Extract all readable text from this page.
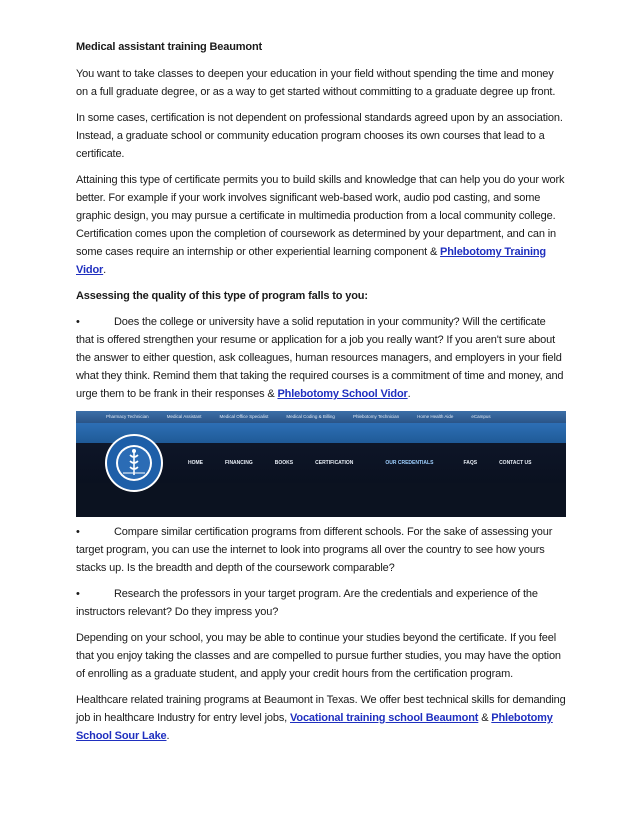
Medical assistant training Beaumont

You want to take classes to deepen your education in your field without spending the time and money on a full graduate degree, or as a way to get started without committing to a graduate degree up front.

In some cases, certification is not dependent on professional standards agreed upon by an association. Instead, a graduate school or community education program chooses its own courses that lead to a certificate.

Attaining this type of certificate permits you to build skills and knowledge that can help you do your work better. For example if your work involves significant web-based work, audio pod casting, and some graphic design, you may pursue a certificate in multimedia production from a local community college. Certification comes upon the completion of coursework as determined by your department, and can in some cases require an internship or other experiential learning component & Phlebotomy Training Vidor.

Assessing the quality of this type of program falls to you:

•	Does the college or university have a solid reputation in your community? Will the certificate that is offered strengthen your resume or application for a job you really want? If you aren't sure about the answer to either question, ask colleagues, human resources managers, and employers in your field what they think. Remind them that taking the required courses is a commitment of time and money, and urge them to be frank in their responses & Phlebotomy School Vidor.

Pharmacy Technician	Medical Assistant	Medical Office Specialist	Medical Coding & Billing	Phlebotomy Technician	Home Health Aide	eCampus
HOME	FINANCING	BOOKS	CERTIFICATION	OUR CREDENTIALS	FAQS	CONTACT US

•	Compare similar certification programs from different schools. For the sake of assessing your target program, you can use the internet to look into programs all over the country to see how yours stacks up. Is the breadth and depth of the coursework comparable?

•	Research the professors in your target program. Are the credentials and experience of the instructors relevant? Do they impress you?

Depending on your school, you may be able to continue your studies beyond the certificate. If you feel that you enjoy taking the classes and are compelled to pursue further studies, you may have the option of enrolling as a graduate student, and apply your credit hours from the certification program.

Healthcare related training programs at Beaumont in Texas. We offer best technical skills for demanding job in healthcare Industry for entry level jobs, Vocational training school Beaumont & Phlebotomy School Sour Lake.
